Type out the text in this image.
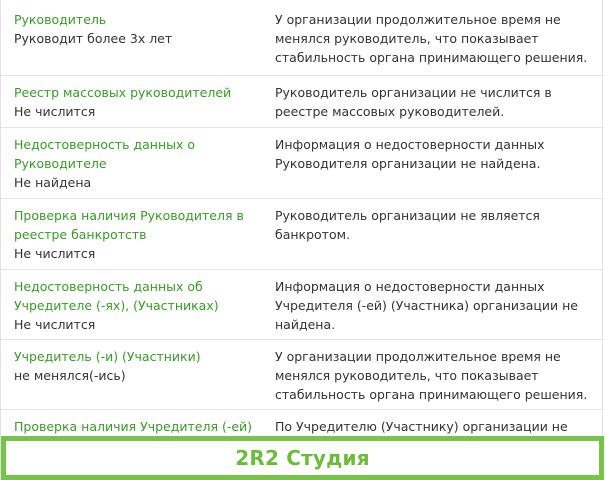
Руководитель
Руководит более 3х лет
У организации продолжительное время не менялся руководитель, что показывает стабильность органа принимающего решения.
Реестр массовых руководителей
Не числится
Руководитель организации не числится в реестре массовых руководителей.
Недостоверность данных о Руководителе
Не найдена
Информация о недостоверности данных Руководителя организации не найдена.
Проверка наличия Руководителя в реестре банкротств
Не числится
Руководитель организации не является банкротом.
Недостоверность данных об Учредителе (-ях), (Участниках)
Не числится
Информация о недостоверности данных Учредителя (-ей) (Участника) организации не найдена.
Учредитель (-и) (Участники)
не менялся(-ись)
У организации продолжительное время не менялся руководитель, что показывает стабильность органа принимающего решения.
Проверка наличия Учредителя (-ей) По Учредителю (Участнику) организации не
2R2 Студия
